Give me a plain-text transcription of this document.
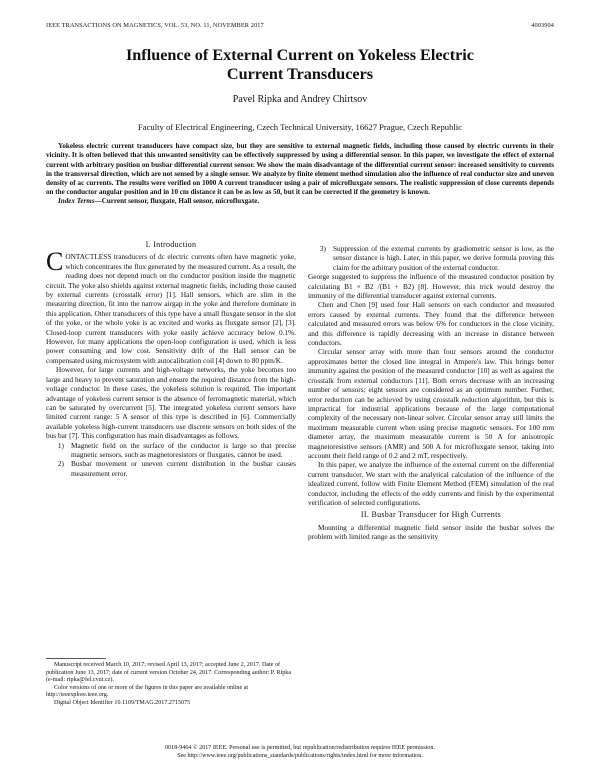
IEEE TRANSACTIONS ON MAGNETICS, VOL. 53, NO. 11, NOVEMBER 2017	4003904
Influence of External Current on Yokeless Electric
Current Transducers
Pavel Ripka and Andrey Chirtsov
Faculty of Electrical Engineering, Czech Technical University, 16627 Prague, Czech Republic
Yokeless electric current transducers have compact size, but they are sensitive to external magnetic fields, including those caused by electric currents in their vicinity. It is often believed that this unwanted sensitivity can be effectively suppressed by using a differential sensor. In this paper, we investigate the effect of external current with arbitrary position on busbar differential current sensor. We show the main disadvantage of the differential current sensor: increased sensitivity to currents in the transversal direction, which are not sensed by a single sensor. We analyze by finite element method simulation also the influence of real conductor size and uneven density of ac currents. The results were verified on 1000 A current transducer using a pair of microfluxgate sensors. The realistic suppression of close currents depends on the conductor angular position and in 10 cm distance it can be as low as 50, but it can be corrected if the geometry is known.
Index Terms—Current sensor, fluxgate, Hall sensor, microfluxgate.
I. Introduction

CONTACTLESS transducers of dc electric currents often have magnetic yoke, which concentrates the flux generated by the measured current. As a result, the reading does not depend much on the conductor position inside the magnetic circuit. The yoke also shields against external magnetic fields, including those caused by external currents (crosstalk error) [1]. Hall sensors, which are slim in the measuring direction, fit into the narrow airgap in the yoke and therefore dominate in this application. Other transducers of this type have a small fluxgate sensor in the slot of the yoke, or the whole yoke is ac excited and works as fluxgate sensor [2], [3]. Closed-loop current transducers with yoke easily achieve accuracy below 0.1%. However, for many applications the open-loop configuration is used, which is less power consuming and low cost. Sensitivity drift of the Hall sensor can be compensated using microsystem with autocalibration coil [4] down to 80 ppm/K.

However, for large currents and high-voltage networks, the yoke becomes too large and heavy to prevent saturation and ensure the required distance from the high-voltage conductor. In these cases, the yokeless solution is required. The important advantage of yokeless current sensor is the absence of ferromagnetic material, which can be saturated by overcurrent [5]. The integrated yokeless current sensors have limited current range: 5 A sensor of this type is described in [6]. Commercially available yokeless high-current transducers use discrete sensors on both sides of the bus bar [7]. This configuration has main disadvantages as follows.

1) Magnetic field on the surface of the conductor is large so that precise magnetic sensors, such as magnetoresistors or fluxgates, cannot be used.
2) Busbar movement or uneven current distribution in the busbar causes measurement error.

Manuscript received March 10, 2017; revised April 13, 2017; accepted June 2, 2017. Date of publication June 13, 2017; date of current version October 24, 2017. Corresponding author: P. Ripka (e-mail: ripka@fel.cvut.cz).

Color versions of one or more of the figures in this paper are available online at http://ieeexplore.ieee.org.

Digital Object Identifier 10.1109/TMAG.2017.2715075

3) Suppression of the external currents by gradiometric sensor is low, as the sensor distance is high. Later, in this paper, we derive formula proving this claim for the arbitrary position of the external conductor.

George suggested to suppress the influence of the measured conductor position by calculating B1 × B2 /(B1 + B2) [8]. However, this trick would destroy the immunity of the differential transducer against external currents.

Chen and Chen [9] used four Hall sensors on each conductor and measured errors caused by external currents. They found that the difference between calculated and measured errors was below 6% for conductors in the close vicinity, and this difference is rapidly decreasing with an increase in distance between conductors.

Circular sensor array with more than four sensors around the conductor approximates better the closed line integral in Ampere's law. This brings better immunity against the position of the measured conductor [10] as well as against the crosstalk from external conductors [11]. Both errors decrease with an increasing number of sensors; eight sensors are considered as an optimum number. Further, error reduction can be achieved by using crosstalk reduction algorithm, but this is impractical for industrial applications because of the large computational complexity of the necessary non-linear solver. Circular sensor array still limits the maximum measurable current when using precise magnetic sensors. For 100 mm diameter array, the maximum measurable current is 50 A for anisotropic magnetoresistive sensors (AMR) and 500 A for microfluxgate sensor, taking into account their field range of 0.2 and 2 mT, respectively.

In this paper, we analyze the influence of the external current on the differential current transducer. We start with the analytical calculation of the influence of the idealized current, follow with Finite Element Method (FEM) simulation of the real conductor, including the effects of the eddy currents and finish by the experimental verification of selected configurations.

II. Busbar Transducer for High Currents

Mounting a differential magnetic field sensor inside the busbar solves the problem with limited range as the sensitivity

0018-9464 © 2017 IEEE. Personal use is permitted, but republication/redistribution requires IEEE permission.
See http://www.ieee.org/publications_standards/publications/rights/index.html for more information.
